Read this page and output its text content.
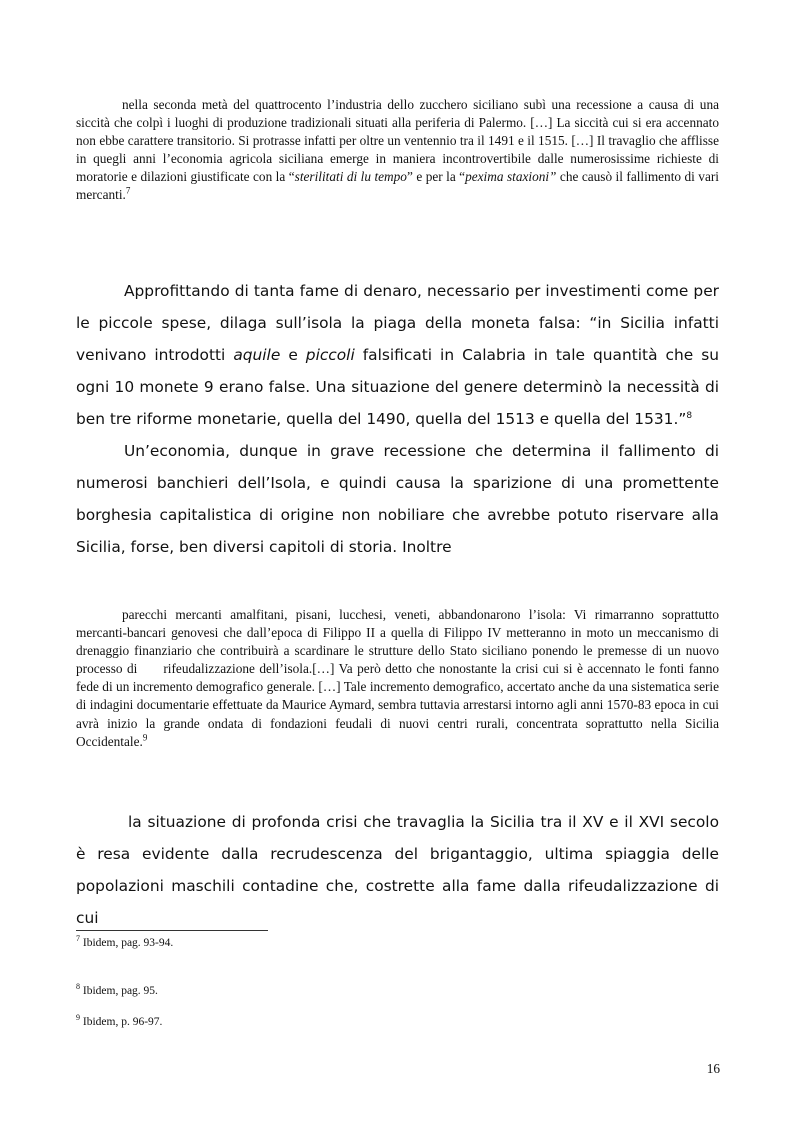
nella seconda metà del quattrocento l’industria dello zucchero siciliano subì una recessione a causa di una siccità che colpì i luoghi di produzione tradizionali situati alla periferia di Palermo. […] La siccità cui si era accennato non ebbe carattere transitorio. Si protrasse infatti per oltre un ventennio tra il 1491 e il 1515. […] Il travaglio che afflisse in quegli anni l’economia agricola siciliana emerge in maniera incontrovertibile dalle numerosissime richieste di moratorie e dilazioni giustificate con la “sterilitati di lu tempo” e per la “pexima staxioni” che causò il fallimento di vari mercanti.$^7$

Approfittando di tanta fame di denaro, necessario per investimenti come per le piccole spese, dilaga sull’isola la piaga della moneta falsa: “in Sicilia infatti venivano introdotti aquile e piccoli falsificati in Calabria in tale quantità che su ogni 10 monete 9 erano false. Una situazione del genere determinò la necessità di ben tre riforme monetarie, quella del 1490, quella del 1513 e quella del 1531.”$^8$

Un’economia, dunque in grave recessione che determina il fallimento di numerosi banchieri dell’Isola, e quindi causa la sparizione di una promettente borghesia capitalistica di origine non nobiliare che avrebbe potuto riservare alla Sicilia, forse, ben diversi capitoli di storia. Inoltre

parecchi mercanti amalfitani, pisani, lucchesi, veneti, abbandonarono l’isola: Vi rimarranno soprattutto mercanti-bancari genovesi che dall’epoca di Filippo II a quella di Filippo IV metteranno in moto un meccanismo di drenaggio finanziario che contribuirà a scardinare le strutture dello Stato siciliano ponendo le premesse di un nuovo processo di rifeudalizzazione dell’isola.[…] Va però detto che nonostante la crisi cui si è accennato le fonti fanno fede di un incremento demografico generale. […] Tale incremento demografico, accertato anche da una sistematica serie di indagini documentarie effettuate da Maurice Aymard, sembra tuttavia arrestarsi intorno agli anni 1570-83 epoca in cui avrà inizio la grande ondata di fondazioni feudali di nuovi centri rurali, concentrata soprattutto nella Sicilia Occidentale.$^9$

la situazione di profonda crisi che travaglia la Sicilia tra il XV e il XVI secolo è resa evidente dalla recrudescenza del brigantaggio, ultima spiaggia delle popolazioni maschili contadine che, costrette alla fame dalla rifeudalizzazione di cui

$^7$ Ibidem, pag. 93-94.
$^8$ Ibidem, pag. 95.
$^9$ Ibidem, p. 96-97.
16
